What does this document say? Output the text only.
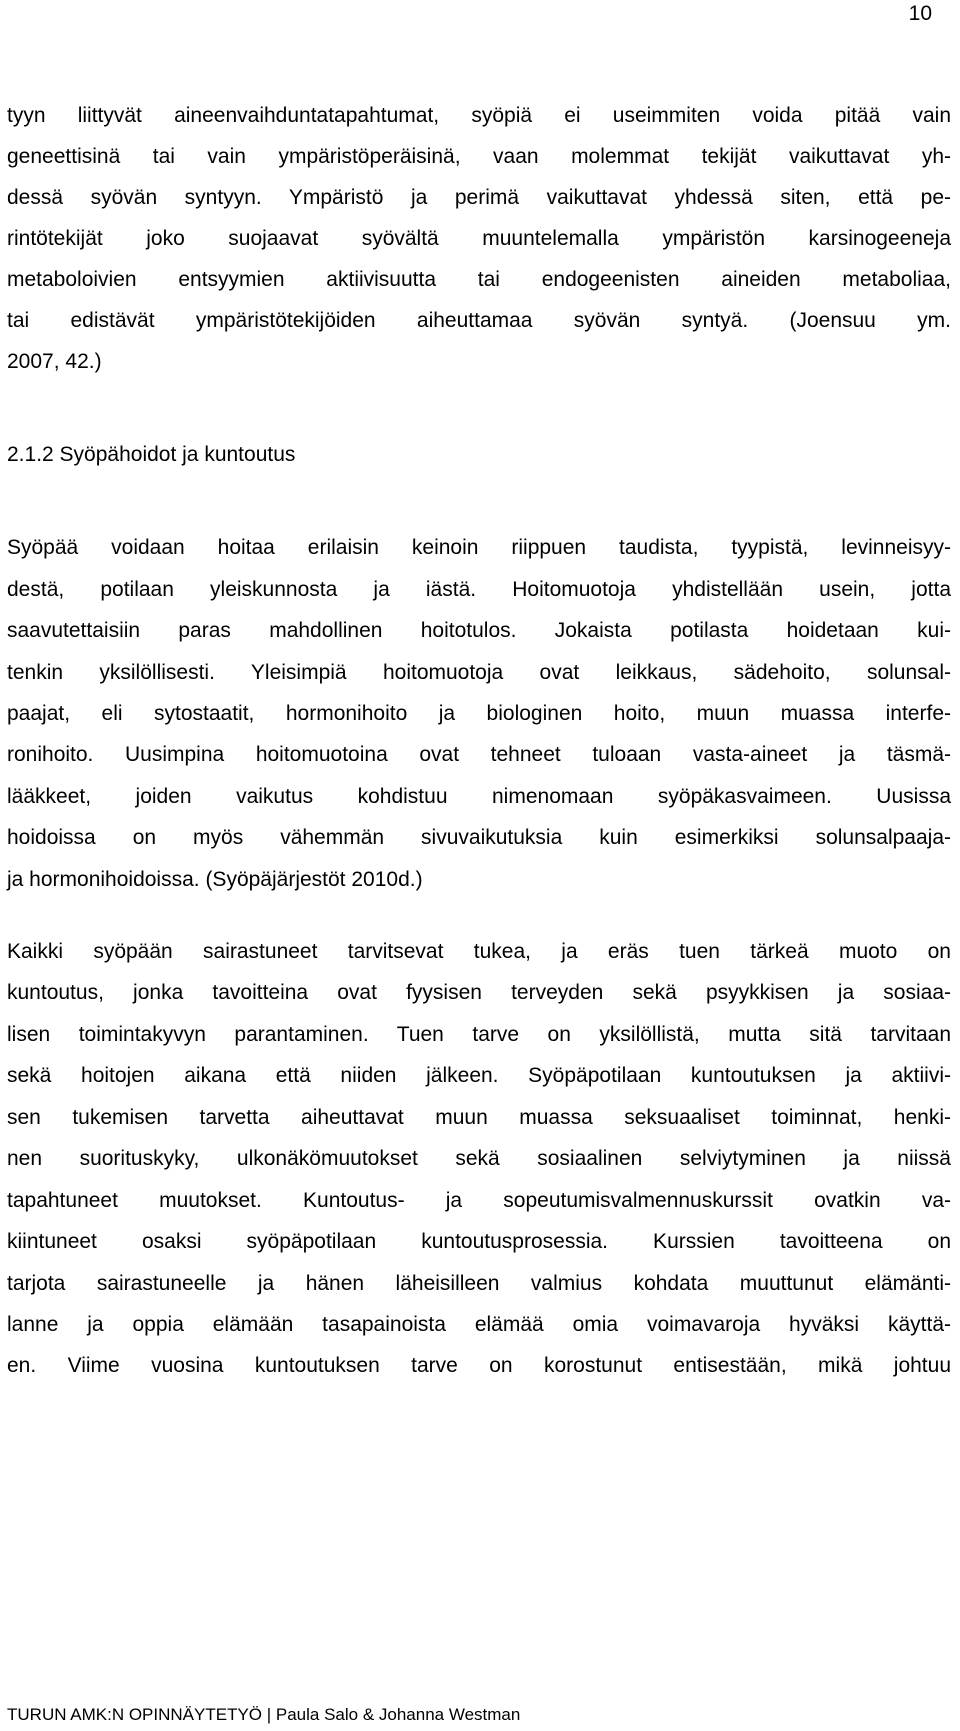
10
tyyn liittyvät aineenvaihduntatapahtumat, syöpiä ei useimmiten voida pitää vain
geneettisinä tai vain ympäristöperäisinä, vaan molemmat tekijät vaikuttavat yh-
dessä syövän syntyyn. Ympäristö ja perimä vaikuttavat yhdessä siten, että pe-
rintötekijät joko suojaavat syövältä muuntelemalla ympäristön karsinogeeneja
metaboloivien entsyymien aktiivisuutta tai endogeenisten aineiden metaboliaa,
tai edistävät ympäristötekijöiden aiheuttamaa syövän syntyä. (Joensuu ym.
2007, 42.)
2.1.2 Syöpähoidot ja kuntoutus
Syöpää voidaan hoitaa erilaisin keinoin riippuen taudista, tyypistä, levinneisyy-
destä, potilaan yleiskunnosta ja iästä. Hoitomuotoja yhdistellään usein, jotta
saavutettaisiin paras mahdollinen hoitotulos. Jokaista potilasta hoidetaan kui-
tenkin yksilöllisesti. Yleisimpiä hoitomuotoja ovat leikkaus, sädehoito, solunsal-
paajat, eli sytostaatit, hormonihoito ja biologinen hoito, muun muassa interfe-
ronihoito. Uusimpina hoitomuotoina ovat tehneet tuloaan vasta-aineet ja täsmä-
lääkkeet, joiden vaikutus kohdistuu nimenomaan syöpäkasvaimeen. Uusissa
hoidoissa on myös vähemmän sivuvaikutuksia kuin esimerkiksi solunsalpaaja-
ja hormonihoidoissa. (Syöpäjärjestöt 2010d.)
Kaikki syöpään sairastuneet tarvitsevat tukea, ja eräs tuen tärkeä muoto on
kuntoutus, jonka tavoitteina ovat fyysisen terveyden sekä psyykkisen ja sosiaa-
lisen toimintakyvyn parantaminen. Tuen tarve on yksilöllistä, mutta sitä tarvitaan
sekä hoitojen aikana että niiden jälkeen. Syöpäpotilaan kuntoutuksen ja aktiivi-
sen tukemisen tarvetta aiheuttavat muun muassa seksuaaliset toiminnat, henki-
nen suorituskyky, ulkonäkömuutokset sekä sosiaalinen selviytyminen ja niissä
tapahtuneet muutokset. Kuntoutus- ja sopeutumisvalmennuskurssit ovatkin va-
kiintuneet osaksi syöpäpotilaan kuntoutusprosessia. Kurssien tavoitteena on
tarjota sairastuneelle ja hänen läheisilleen valmius kohdata muuttunut elämänti-
lanne ja oppia elämään tasapainoista elämää omia voimavaroja hyväksi käyttä-
en. Viime vuosina kuntoutuksen tarve on korostunut entisestään, mikä johtuu
TURUN AMK:N OPINNÄYTETYÖ | Paula Salo & Johanna Westman
